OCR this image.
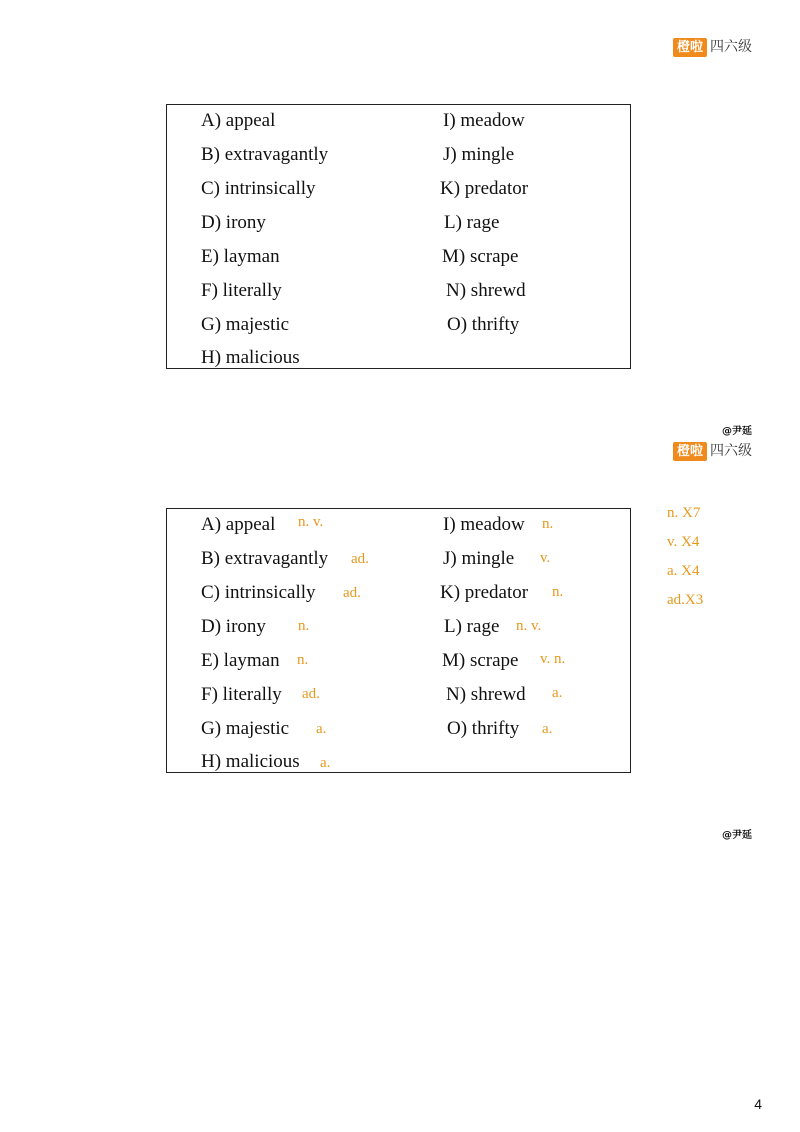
橙啦 四六级
A) appeal
B) extravagantly
C) intrinsically
D) irony
E) layman
F) literally
G) majestic
H) malicious
I) meadow
J) mingle
K) predator
L) rage
M) scrape
N) shrewd
O) thrifty
@尹延
橙啦 四六级
A) appeal n. v.
B) extravagantly ad.
C) intrinsically ad.
D) irony n.
E) layman n.
F) literally ad.
G) majestic a.
H) malicious a.
I) meadow n.
J) mingle v.
K) predator n.
L) rage n. v.
M) scrape v. n.
N) shrewd a.
O) thrifty a.
n. X7
v. X4
a. X4
ad.X3
@尹延
4
